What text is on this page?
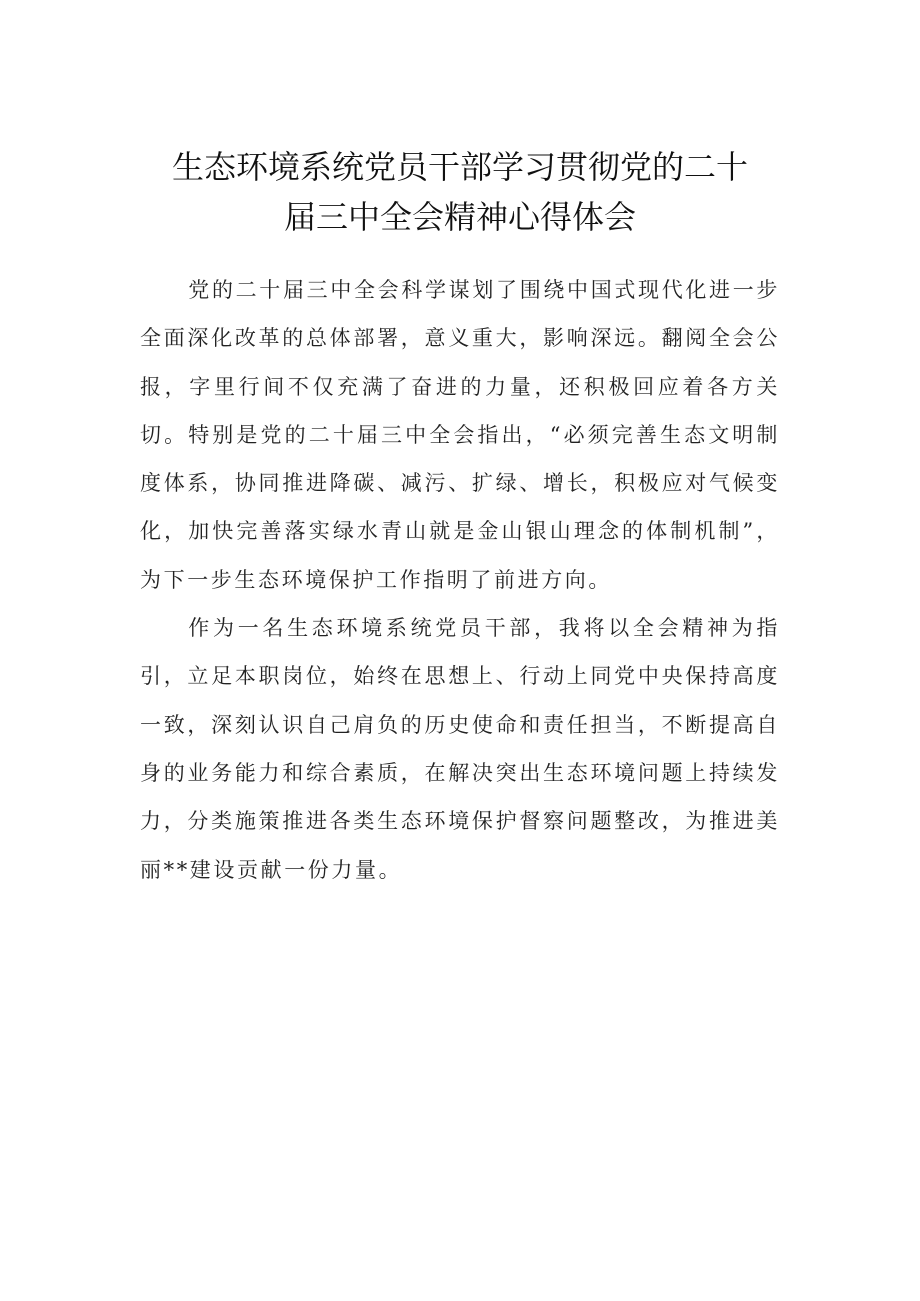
生态环境系统党员干部学习贯彻党的二十
届三中全会精神心得体会

党的二十届三中全会科学谋划了围绕中国式现代化进一步全面深化改革的总体部署，意义重大，影响深远。翻阅全会公报，字里行间不仅充满了奋进的力量，还积极回应着各方关切。特别是党的二十届三中全会指出，“必须完善生态文明制度体系，协同推进降碳、减污、扩绿、增长，积极应对气候变化，加快完善落实绿水青山就是金山银山理念的体制机制”，为下一步生态环境保护工作指明了前进方向。

作为一名生态环境系统党员干部，我将以全会精神为指引，立足本职岗位，始终在思想上、行动上同党中央保持高度一致，深刻认识自己肩负的历史使命和责任担当，不断提高自身的业务能力和综合素质，在解决突出生态环境问题上持续发力，分类施策推进各类生态环境保护督察问题整改，为推进美丽**建设贡献一份力量。
